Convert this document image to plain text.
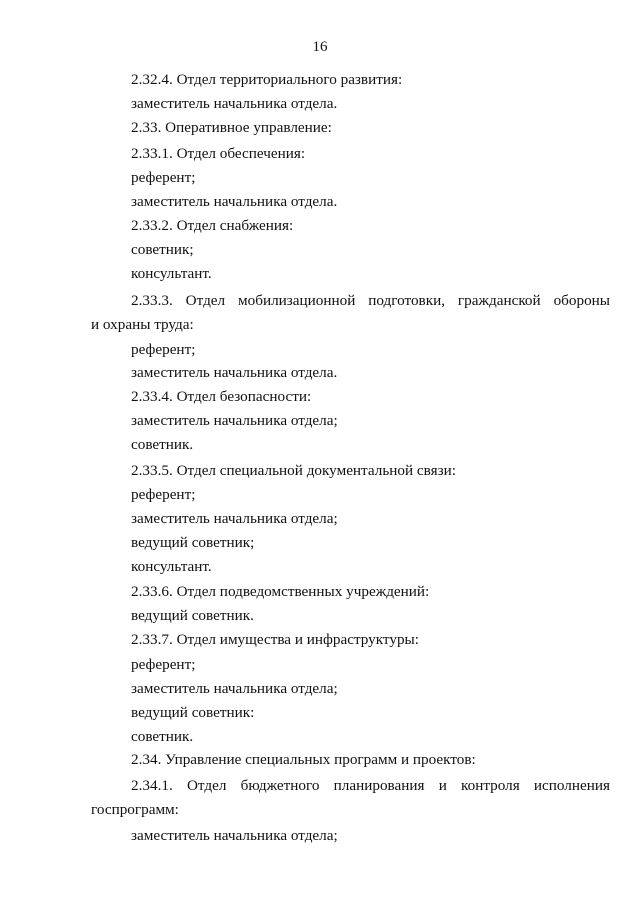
16
2.32.4. Отдел территориального развития:
заместитель начальника отдела.
2.33. Оперативное управление:
2.33.1. Отдел обеспечения:
референт;
заместитель начальника отдела.
2.33.2. Отдел снабжения:
советник;
консультант.
2.33.3. Отдел мобилизационной подготовки, гражданской обороны
и охраны труда:
референт;
заместитель начальника отдела.
2.33.4. Отдел безопасности:
заместитель начальника отдела;
советник.
2.33.5. Отдел специальной документальной связи:
референт;
заместитель начальника отдела;
ведущий советник;
консультант.
2.33.6. Отдел подведомственных учреждений:
ведущий советник.
2.33.7. Отдел имущества и инфраструктуры:
референт;
заместитель начальника отдела;
ведущий советник:
советник.
2.34. Управление специальных программ и проектов:
2.34.1. Отдел бюджетного планирования и контроля исполнения
госпрограмм:
заместитель начальника отдела;
